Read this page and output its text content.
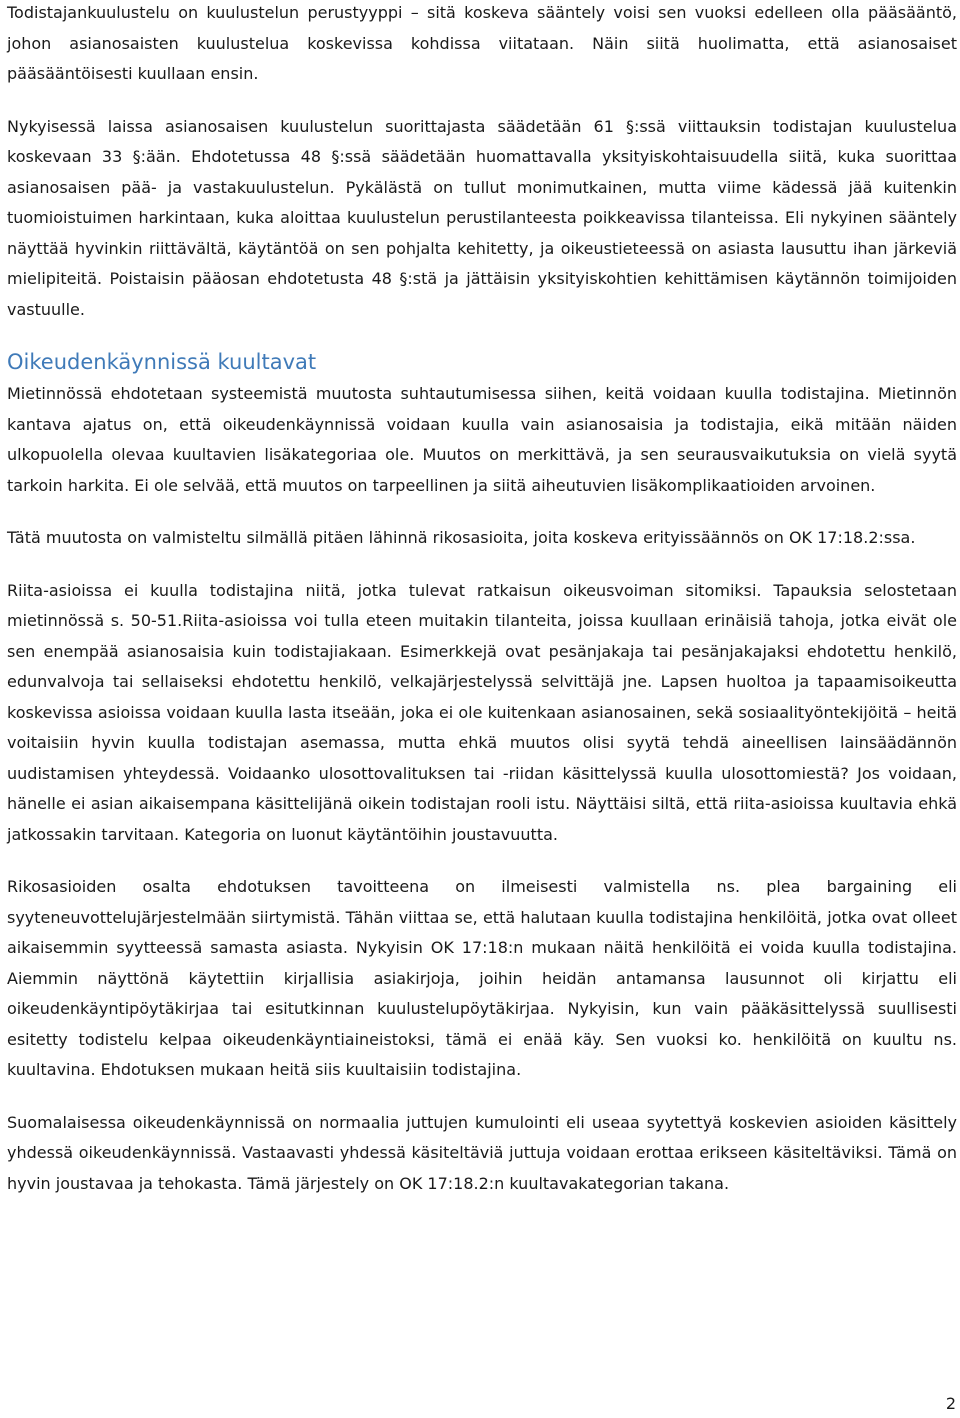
Todistajankuulustelu on kuulustelun perustyyppi – sitä koskeva sääntely voisi sen vuoksi edelleen olla pääsääntö, johon asianosaisten kuulustelua koskevissa kohdissa viitataan. Näin siitä huolimatta, että asianosaiset pääsääntöisesti kuullaan ensin.

Nykyisessä laissa asianosaisen kuulustelun suorittajasta säädetään 61 §:ssä viittauksin todistajan kuulustelua koskevaan 33 §:ään. Ehdotetussa 48 §:ssä säädetään huomattavalla yksityiskohtaisuudella siitä, kuka suorittaa asianosaisen pää- ja vastakuulustelun. Pykälästä on tullut monimutkainen, mutta viime kädessä jää kuitenkin tuomioistuimen harkintaan, kuka aloittaa kuulustelun perustilanteesta poikkeavissa tilanteissa. Eli nykyinen sääntely näyttää hyvinkin riittävältä, käytäntöä on sen pohjalta kehitetty, ja oikeustieteessä on asiasta lausuttu ihan järkeviä mielipiteitä. Poistaisin pääosan ehdotetusta 48 §:stä ja jättäisin yksityiskohtien kehittämisen käytännön toimijoiden vastuulle.

Oikeudenkäynnissä kuultavat

Mietinnössä ehdotetaan systeemistä muutosta suhtautumisessa siihen, keitä voidaan kuulla todistajina. Mietinnön kantava ajatus on, että oikeudenkäynnissä voidaan kuulla vain asianosaisia ja todistajia, eikä mitään näiden ulkopuolella olevaa kuultavien lisäkategoriaa ole. Muutos on merkittävä, ja sen seurausvaikutuksia on vielä syytä tarkoin harkita. Ei ole selvää, että muutos on tarpeellinen ja siitä aiheutuvien lisäkomplikaatioiden arvoinen.

Tätä muutosta on valmisteltu silmällä pitäen lähinnä rikosasioita, joita koskeva erityissäännös on OK 17:18.2:ssa.

Riita-asioissa ei kuulla todistajina niitä, jotka tulevat ratkaisun oikeusvoiman sitomiksi. Tapauksia selostetaan mietinnössä s. 50-51.Riita-asioissa voi tulla eteen muitakin tilanteita, joissa kuullaan erinäisiä tahoja, jotka eivät ole sen enempää asianosaisia kuin todistajiakaan. Esimerkkejä ovat pesänjakaja tai pesänjakajaksi ehdotettu henkilö, edunvalvoja tai sellaiseksi ehdotettu henkilö, velkajärjestelyssä selvittäjä jne. Lapsen huoltoa ja tapaamisoikeutta koskevissa asioissa voidaan kuulla lasta itseään, joka ei ole kuitenkaan asianosainen, sekä sosiaalityöntekijöitä – heitä voitaisiin hyvin kuulla todistajan asemassa, mutta ehkä muutos olisi syytä tehdä aineellisen lainsäädännön uudistamisen yhteydessä. Voidaanko ulosottovalituksen tai -riidan käsittelyssä kuulla ulosottomiestä? Jos voidaan, hänelle ei asian aikaisempana käsittelijänä oikein todistajan rooli istu. Näyttäisi siltä, että riita-asioissa kuultavia ehkä jatkossakin tarvitaan. Kategoria on luonut käytäntöihin joustavuutta.

Rikosasioiden osalta ehdotuksen tavoitteena on ilmeisesti valmistella ns. plea bargaining eli syyteneuvottelujärjestelmään siirtymistä. Tähän viittaa se, että halutaan kuulla todistajina henkilöitä, jotka ovat olleet aikaisemmin syytteessä samasta asiasta. Nykyisin OK 17:18:n mukaan näitä henkilöitä ei voida kuulla todistajina. Aiemmin näyttönä käytettiin kirjallisia asiakirjoja, joihin heidän antamansa lausunnot oli kirjattu eli oikeudenkäyntipöytäkirjaa tai esitutkinnan kuulustelupöytäkirjaa. Nykyisin, kun vain pääkäsittelyssä suullisesti esitetty todistelu kelpaa oikeudenkäyntiaineistoksi, tämä ei enää käy. Sen vuoksi ko. henkilöitä on kuultu ns. kuultavina. Ehdotuksen mukaan heitä siis kuultaisiin todistajina.

Suomalaisessa oikeudenkäynnissä on normaalia juttujen kumulointi eli useaa syytettyä koskevien asioiden käsittely yhdessä oikeudenkäynnissä. Vastaavasti yhdessä käsiteltäviä juttuja voidaan erottaa erikseen käsiteltäviksi. Tämä on hyvin joustavaa ja tehokasta. Tämä järjestely on OK 17:18.2:n kuultavakategorian takana.

2
